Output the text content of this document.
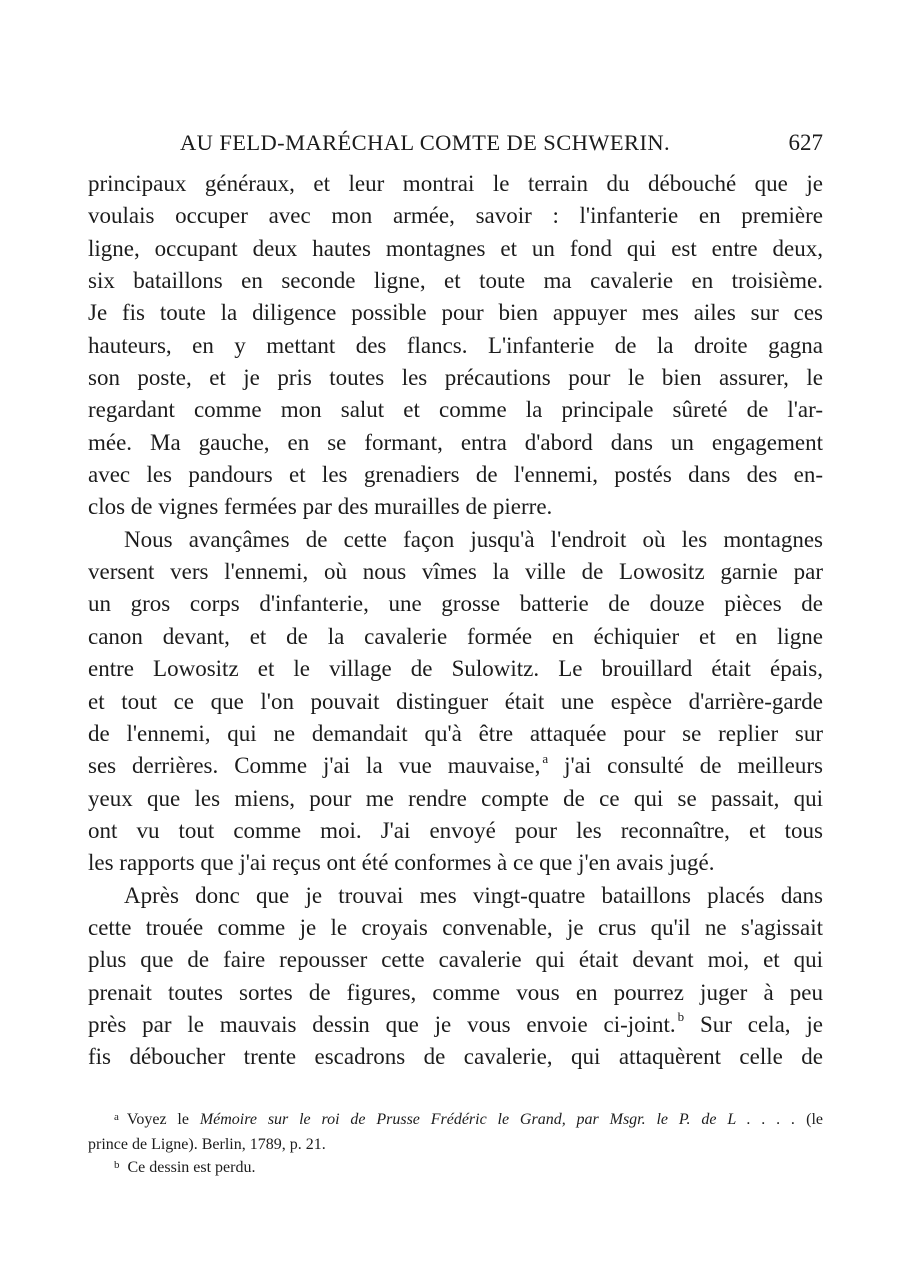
AU FELD-MARÉCHAL COMTE DE SCHWERIN.	627
principaux généraux, et leur montrai le terrain du débouché que je
voulais occuper avec mon armée, savoir : l'infanterie en première
ligne, occupant deux hautes montagnes et un fond qui est entre deux,
six bataillons en seconde ligne, et toute ma cavalerie en troisième.
Je fis toute la diligence possible pour bien appuyer mes ailes sur ces
hauteurs, en y mettant des flancs. L'infanterie de la droite gagna
son poste, et je pris toutes les précautions pour le bien assurer, le
regardant comme mon salut et comme la principale sûreté de l'ar-
mée. Ma gauche, en se formant, entra d'abord dans un engagement
avec les pandours et les grenadiers de l'ennemi, postés dans des en-
clos de vignes fermées par des murailles de pierre.
Nous avançâmes de cette façon jusqu'à l'endroit où les montagnes
versent vers l'ennemi, où nous vîmes la ville de Lowositz garnie par
un gros corps d'infanterie, une grosse batterie de douze pièces de
canon devant, et de la cavalerie formée en échiquier et en ligne
entre Lowositz et le village de Sulowitz. Le brouillard était épais,
et tout ce que l'on pouvait distinguer était une espèce d'arrière-garde
de l'ennemi, qui ne demandait qu'à être attaquée pour se replier sur
ses derrières. Comme j'ai la vue mauvaise, $^a$ j'ai consulté de meilleurs
yeux que les miens, pour me rendre compte de ce qui se passait, qui
ont vu tout comme moi. J'ai envoyé pour les reconnaître, et tous
les rapports que j'ai reçus ont été conformes à ce que j'en avais jugé.
Après donc que je trouvai mes vingt-quatre bataillons placés dans
cette trouée comme je le croyais convenable, je crus qu'il ne s'agissait
plus que de faire repousser cette cavalerie qui était devant moi, et qui
prenait toutes sortes de figures, comme vous en pourrez juger à peu
près par le mauvais dessin que je vous envoie ci-joint. $^b$ Sur cela, je
fis déboucher trente escadrons de cavalerie, qui attaquèrent celle de
$^a$ Voyez le Mémoire sur le roi de Prusse Frédéric le Grand, par Msgr. le P. de L . . . . (le
prince de Ligne). Berlin, 1789, p. 21.
$^b$ Ce dessin est perdu.
